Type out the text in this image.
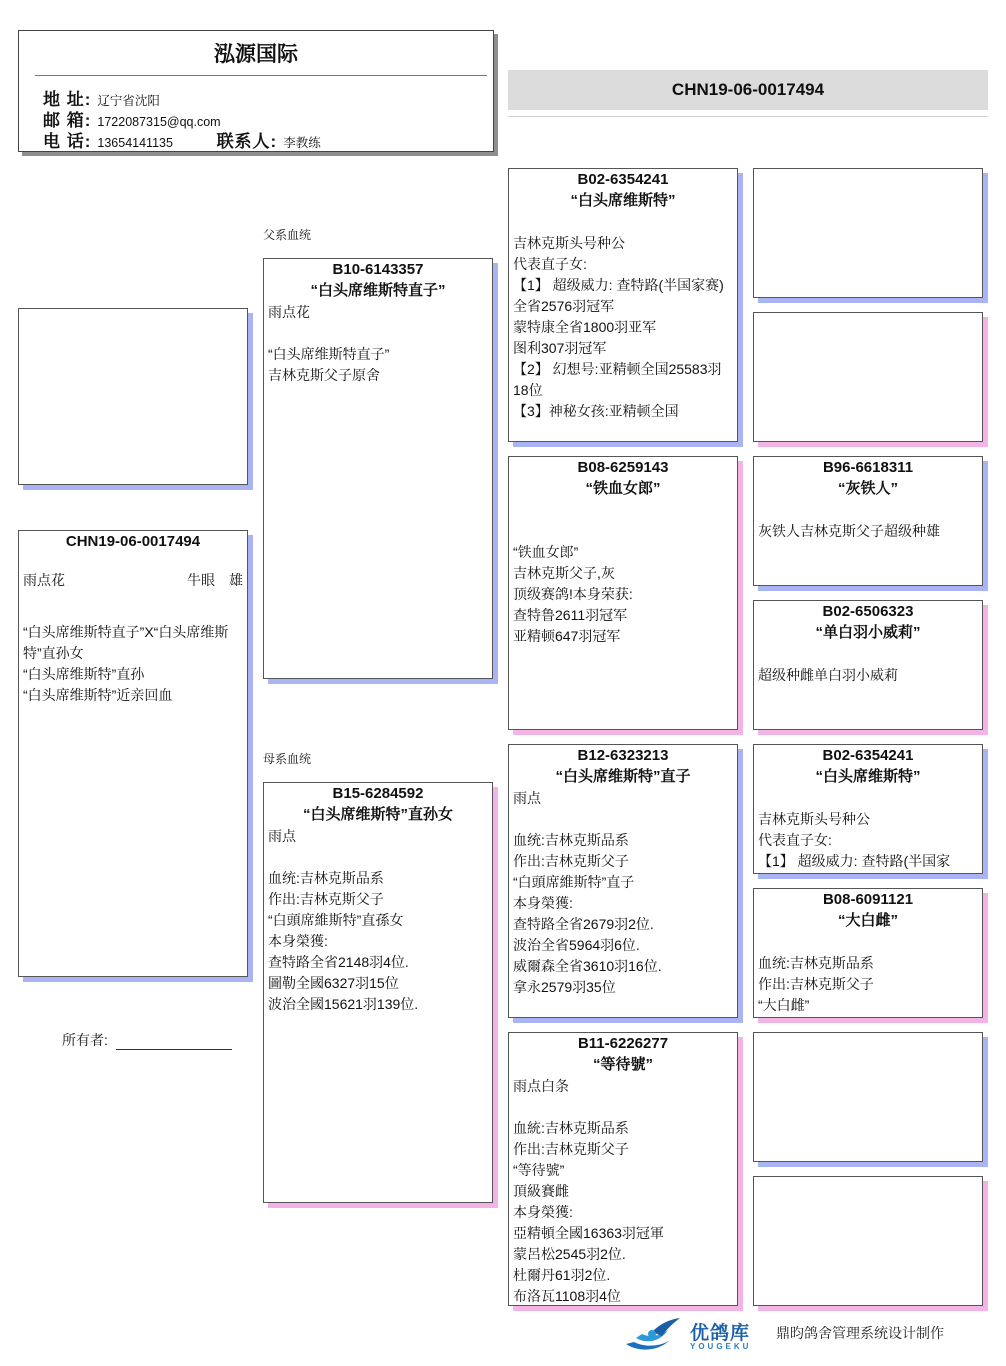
泓源国际
地 址: 辽宁省沈阳
邮 箱: 1722087315@qq.com
电 话: 13654141135	联系人: 李教练
CHN19-06-0017494
CHN19-06-0017494
雨点花	牛眼　雄
“白头席维斯特直子”X“白头席维斯特”直孙女
“白头席维斯特”直孙
“白头席维斯特”近亲回血
所有者:
父系血统
母系血统
B10-6143357
“白头席维斯特直子”
雨点花

“白头席维斯特直子”
吉林克斯父子原舍
B15-6284592
“白头席维斯特”直孙女
雨点

血统:吉林克斯品系
作出:吉林克斯父子
“白頭席維斯特”直孫女
本身榮獲:
查特路全省2148羽4位.
圖勒全國6327羽15位
波治全國15621羽139位.
B02-6354241
“白头席维斯特”

吉林克斯头号种公
代表直子女:
【1】 超级威力: 查特路(半国家赛)全省2576羽冠军
蒙特康全省1800羽亚军
图利307羽冠军
【2】 幻想号:亚精顿全国25583羽18位
【3】神秘女孩:亚精顿全国
B08-6259143
“铁血女郎”

“铁血女郎”
吉林克斯父子,灰
顶级赛鸽!本身荣获:
查特鲁2611羽冠军
亚精顿647羽冠军
B12-6323213
“白头席维斯特”直子
雨点

血统:吉林克斯品系
作出:吉林克斯父子
“白頭席維斯特”直子
本身榮獲:
查特路全省2679羽2位.
波治全省5964羽6位.
威爾森全省3610羽16位.
拿永2579羽35位
B11-6226277
“等待號”
雨点白条

血統:吉林克斯品系
作出:吉林克斯父子
“等待號”
頂級賽雌
本身榮獲:
亞精頓全國16363羽冠軍
蒙呂松2545羽2位.
杜爾丹61羽2位.
布洛瓦1108羽4位
B96-6618311
“灰铁人”

灰铁人吉林克斯父子超级种雄
B02-6506323
“单白羽小威莉”

超级种雌单白羽小威莉
B02-6354241
“白头席维斯特”

吉林克斯头号种公
代表直子女:
【1】 超级威力: 查特路(半国家
B08-6091121
“大白雌”

血统:吉林克斯品系
作出:吉林克斯父子
“大白雌”
优鸽库
YOUGEKU
鼎昀鸽舍管理系统设计制作
